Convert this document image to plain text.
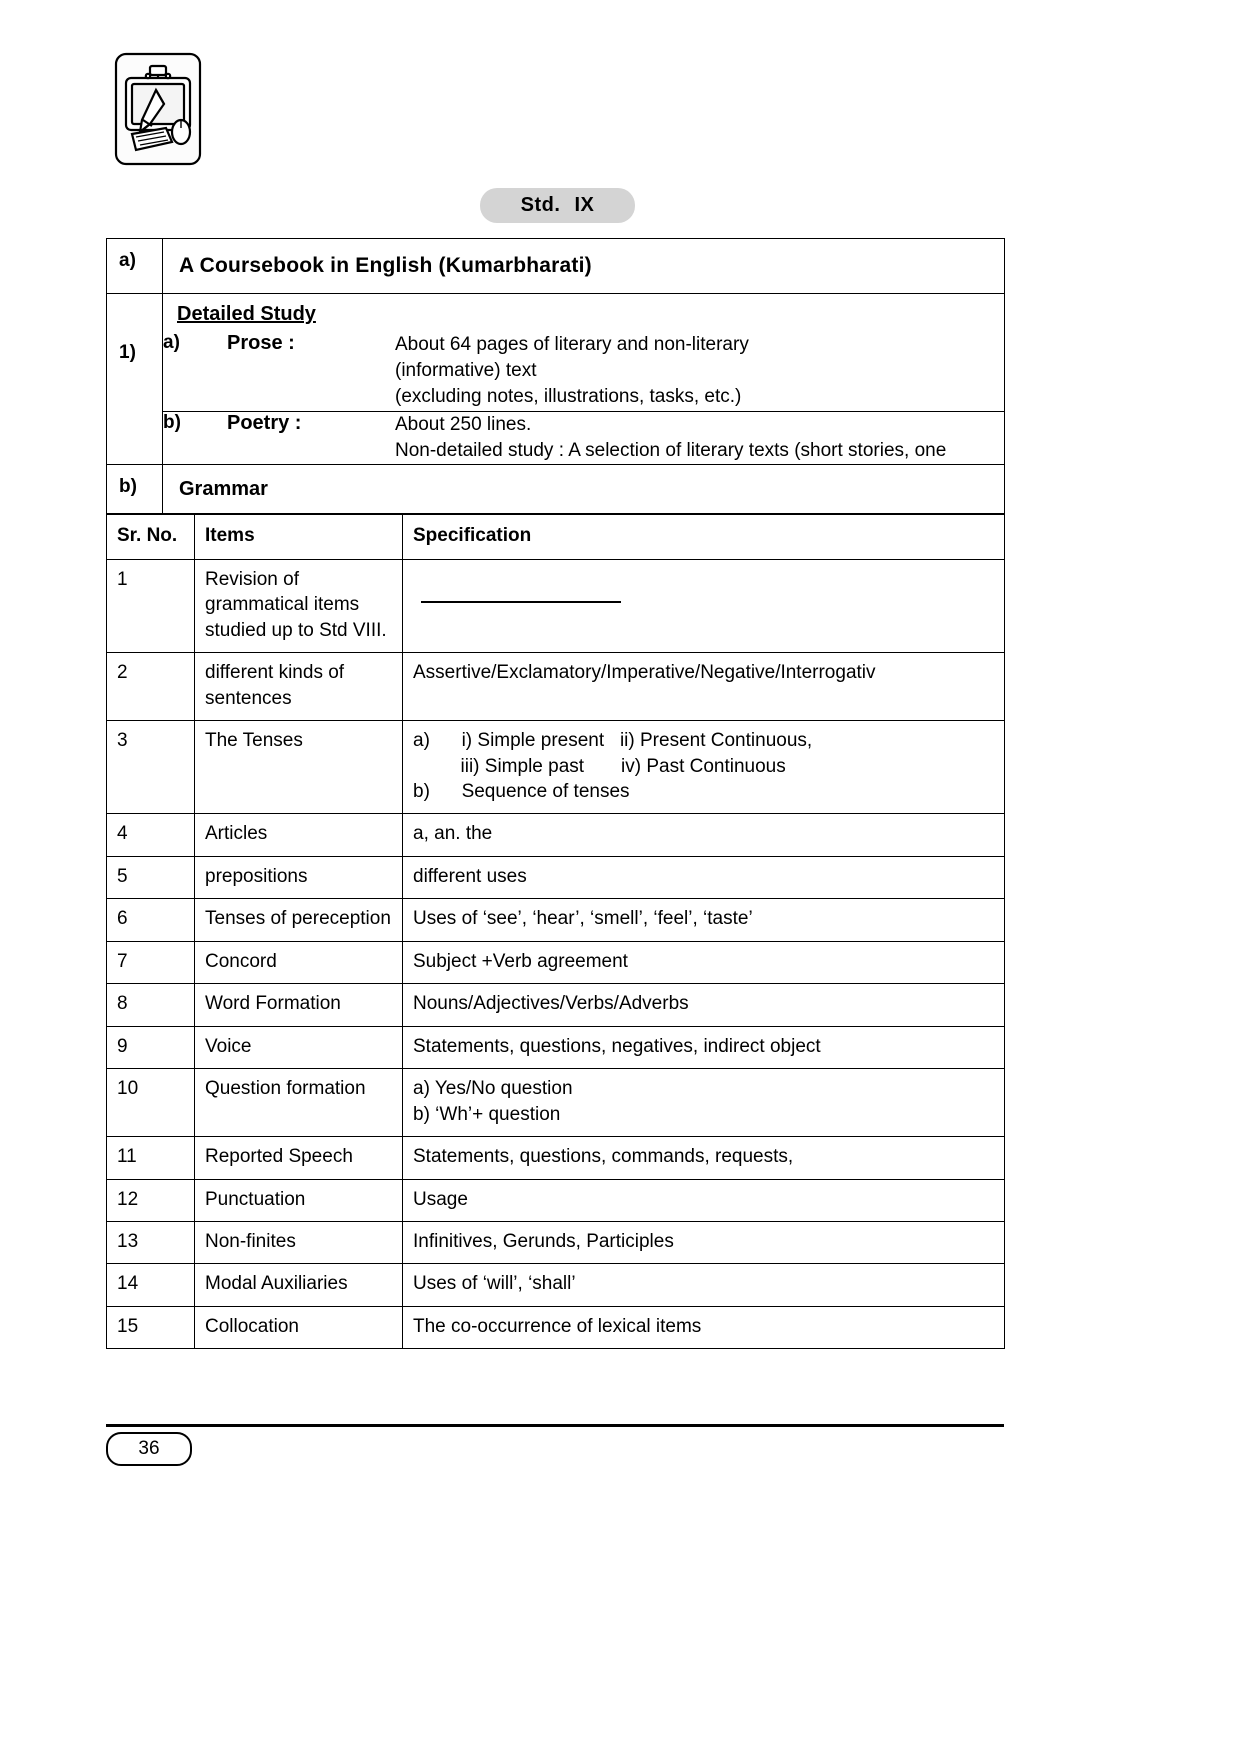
Std. IX
a)	A Coursebook in English (Kumarbharati)

1)
	Detailed Study
a)	Prose :	About 64 pages of literary and non-literary
(informative) text
(excluding notes, illustrations, tasks, etc.)

b)	Poetry :	About 250 lines.
Non-detailed study : A selection of literary texts (short stories, one

b)	Grammar
Sr. No.	Items	Specification
1	Revision of grammatical items studied up to Std VIII.	

2	different kinds of sentences	Assertive/Exclamatory/Imperative/Negative/Interrogativ
3	The Tenses	a)      i) Simple present   ii) Present Continuous,
iii) Simple past       iv) Past Continuous
b)      Sequence of tenses

4	Articles	a, an. the
5	prepositions	different uses
6	Tenses of pereception	Uses of ‘see’, ‘hear’, ‘smell’, ‘feel’, ‘taste’
7	Concord	Subject +Verb agreement
8	Word Formation	Nouns/Adjectives/Verbs/Adverbs
9	Voice	Statements, questions, negatives, indirect object
10	Question formation	a) Yes/No question
b) ‘Wh’+ question

11	Reported Speech	Statements, questions, commands, requests,
12	Punctuation	Usage
13	Non-finites	Infinitives, Gerunds, Participles
14	Modal Auxiliaries	Uses of ‘will’, ‘shall’
15	Collocation	The co-occurrence of lexical items
36
